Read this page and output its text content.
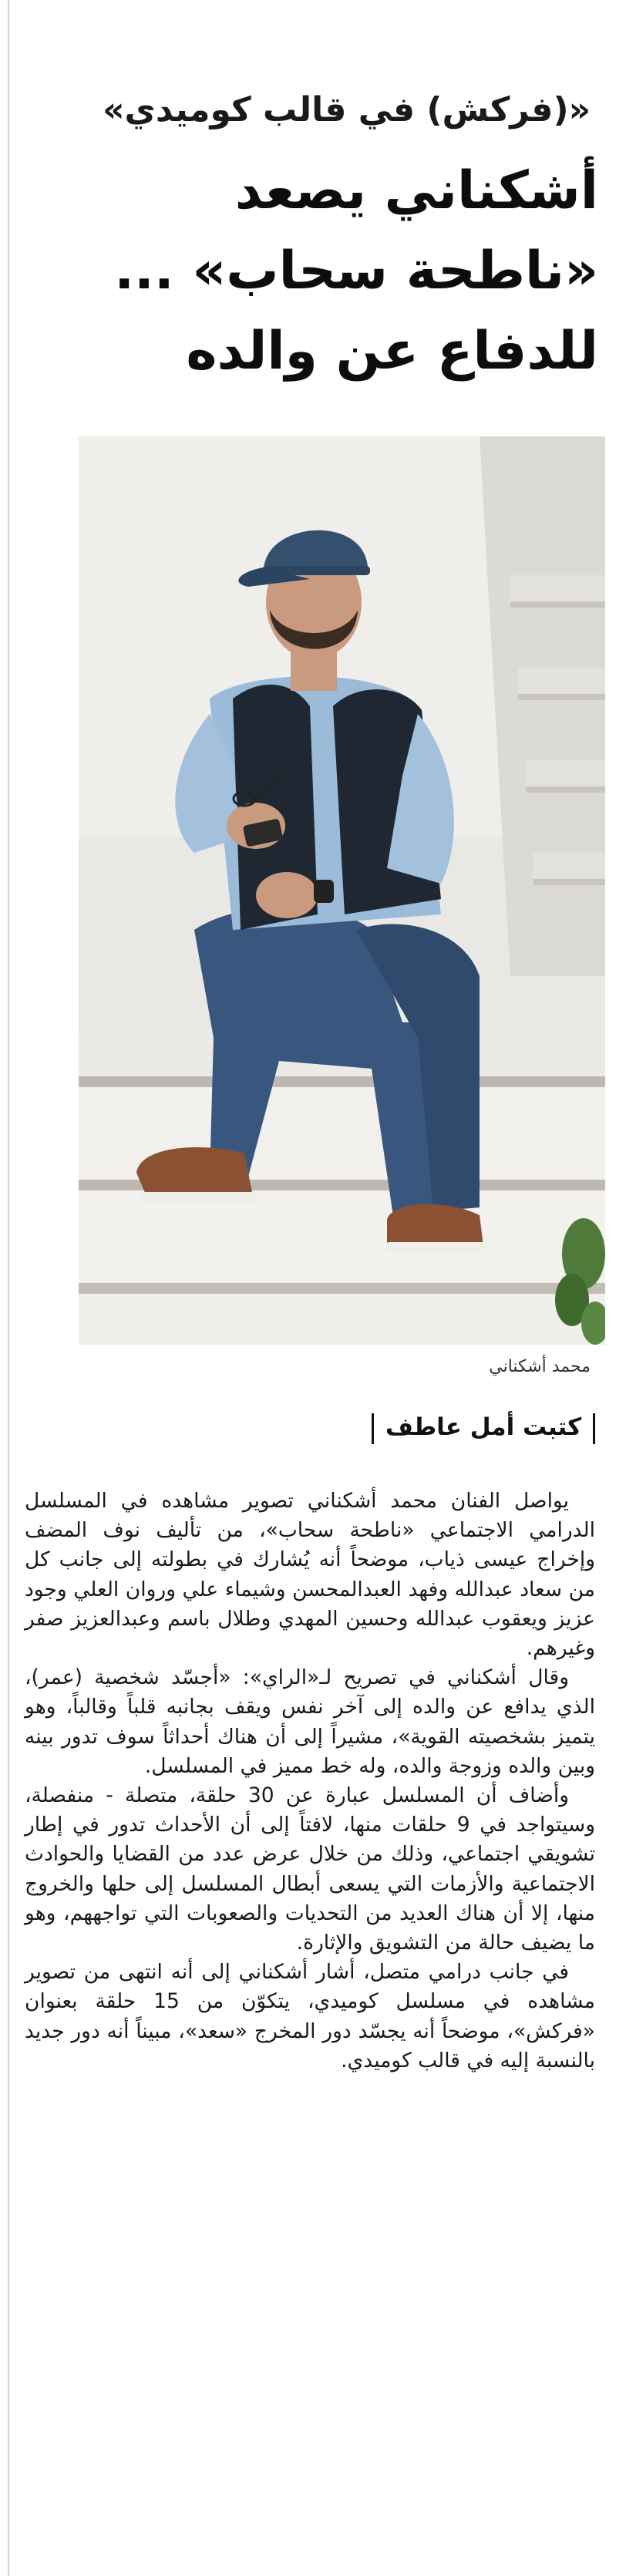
«(فركش) في قالب كوميدي»
أشكناني يصعد «ناطحة سحاب» ... للدفاع عن والده
محمد أشكناني
كتبت أمل عاطف

يواصل الفنان محمد أشكناني تصوير مشاهده في المسلسل الدرامي الاجتماعي «ناطحة سحاب»، من تأليف نوف المضف وإخراج عيسى ذياب، موضحاً أنه يُشارك في بطولته إلى جانب كل من سعاد عبدالله وفهد العبدالمحسن وشيماء علي وروان العلي وجود عزيز ويعقوب عبدالله وحسين المهدي وطلال باسم وعبدالعزيز صفر وغيرهم.

وقال أشكناني في تصريح لـ«الراي»: «أجسّد شخصية (عمر)، الذي يدافع عن والده إلى آخر نفس ويقف بجانبه قلباً وقالباً، وهو يتميز بشخصيته القوية»، مشيراً إلى أن هناك أحداثاً سوف تدور بينه وبين والده وزوجة والده، وله خط مميز في المسلسل.

وأضاف أن المسلسل عبارة عن 30 حلقة، متصلة - منفصلة، وسيتواجد في 9 حلقات منها، لافتاً إلى أن الأحداث تدور في إطار تشويقي اجتماعي، وذلك من خلال عرض عدد من القضايا والحوادث الاجتماعية والأزمات التي يسعى أبطال المسلسل إلى حلها والخروج منها، إلا أن هناك العديد من التحديات والصعوبات التي تواجههم، وهو ما يضيف حالة من التشويق والإثارة.

في جانب درامي متصل، أشار أشكناني إلى أنه انتهى من تصوير مشاهده في مسلسل كوميدي، يتكوّن من 15 حلقة بعنوان «فركش»، موضحاً أنه يجسّد دور المخرج «سعد»، مبيناً أنه دور جديد بالنسبة إليه في قالب كوميدي.
